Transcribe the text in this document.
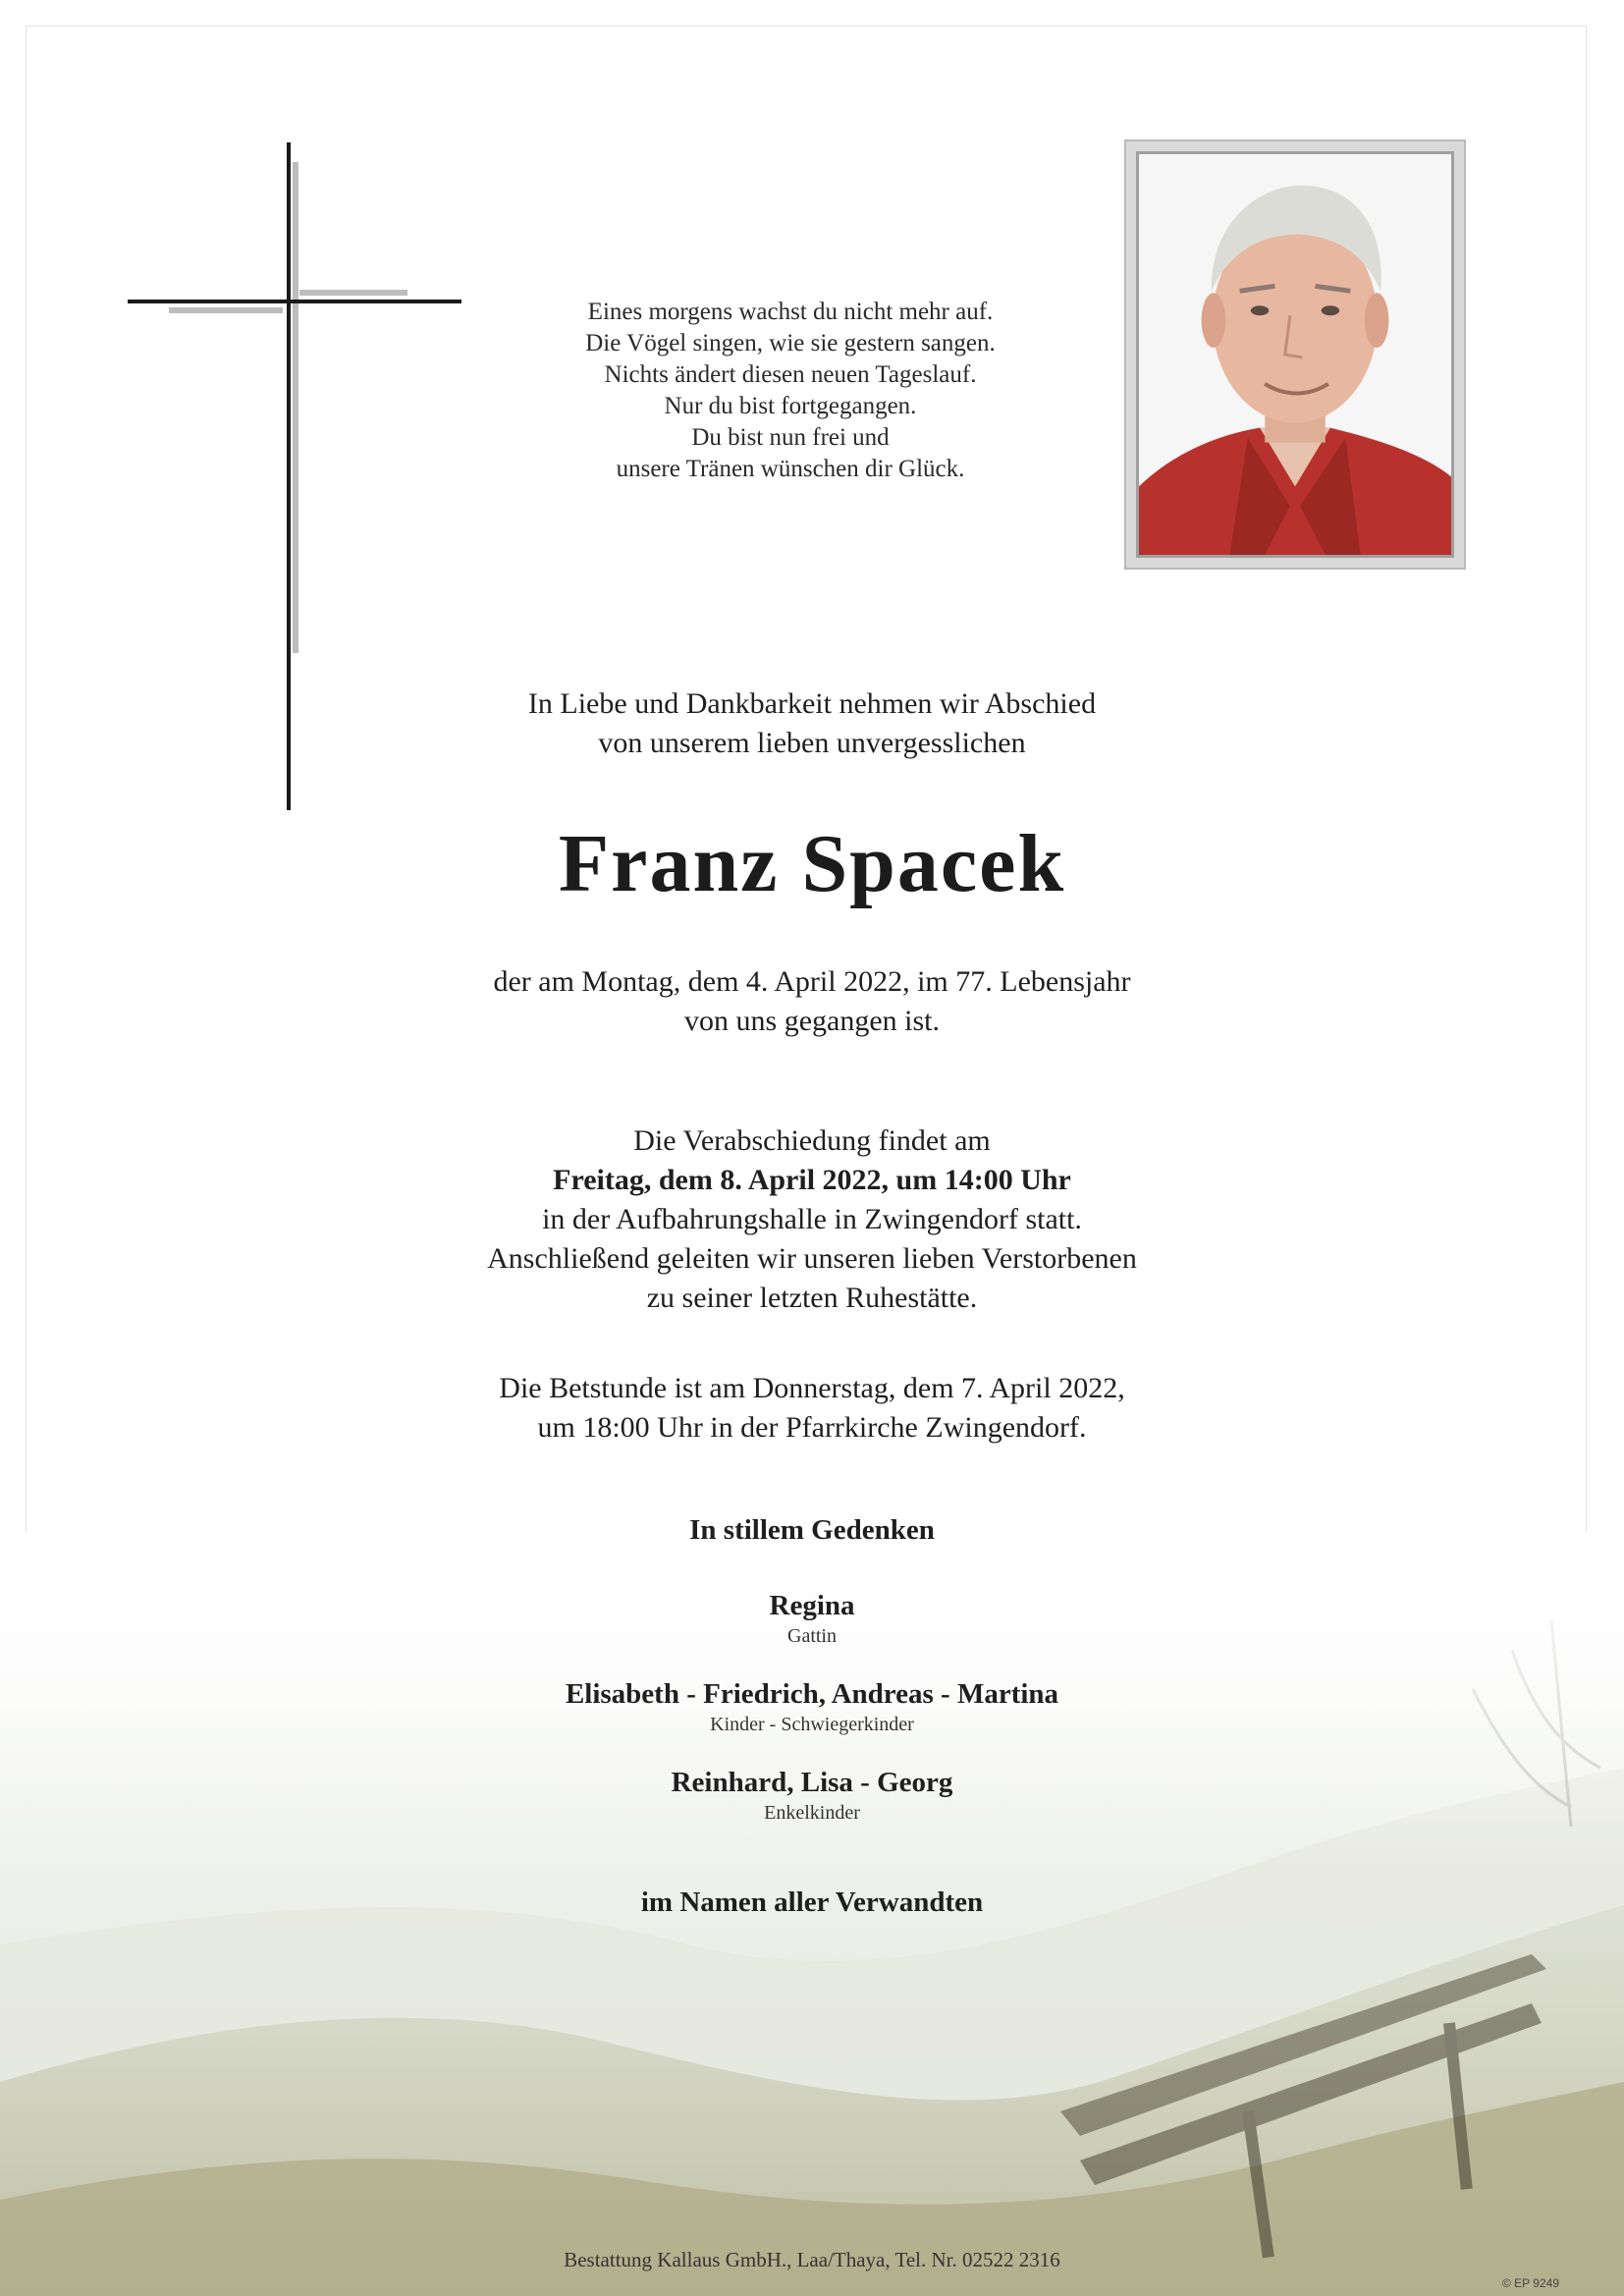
Eines morgens wachst du nicht mehr auf.
Die Vögel singen, wie sie gestern sangen.
Nichts ändert diesen neuen Tageslauf.
Nur du bist fortgegangen.
Du bist nun frei und
unsere Tränen wünschen dir Glück.
In Liebe und Dankbarkeit nehmen wir Abschied
von unserem lieben unvergesslichen
Franz Spacek
der am Montag, dem 4. April 2022, im 77. Lebensjahr
von uns gegangen ist.
Die Verabschiedung findet am
Freitag, dem 8. April 2022, um 14:00 Uhr
in der Aufbahrungshalle in Zwingendorf statt.
Anschließend geleiten wir unseren lieben Verstorbenen
zu seiner letzten Ruhestätte.
Die Betstunde ist am Donnerstag, dem 7. April 2022,
um 18:00 Uhr in der Pfarrkirche Zwingendorf.
In stillem Gedenken
Regina
Gattin
Elisabeth - Friedrich, Andreas - Martina
Kinder - Schwiegerkinder
Reinhard, Lisa - Georg
Enkelkinder
im Namen aller Verwandten
Bestattung Kallaus GmbH., Laa/Thaya, Tel. Nr. 02522 2316
© EP 9249
